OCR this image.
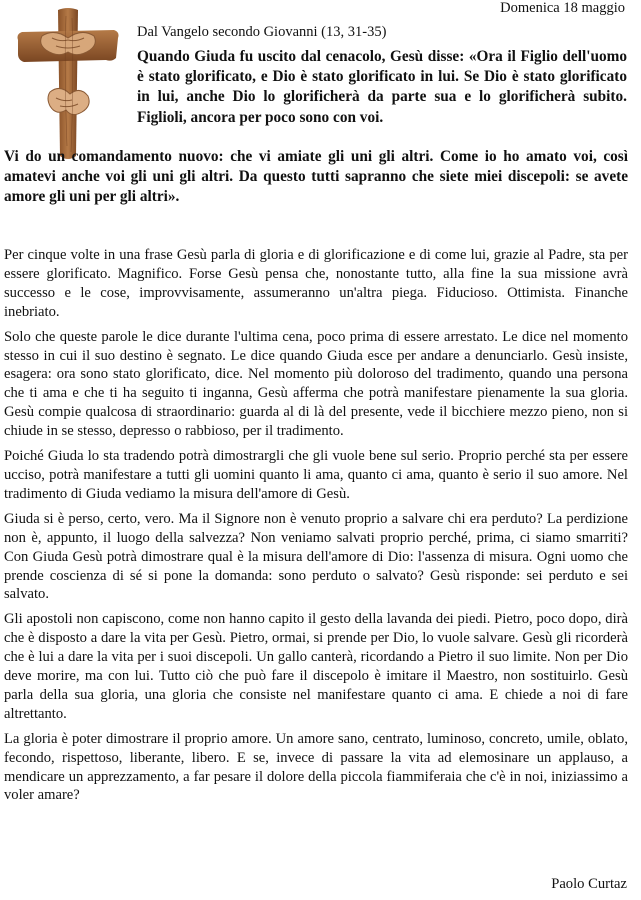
Domenica 18 maggio
Dal Vangelo secondo Giovanni (13, 31-35)

Quando Giuda fu uscito dal cenacolo, Gesù disse: «Ora il Figlio dell'uomo è stato glorificato, e Dio è stato glorificato in lui. Se Dio è stato glorificato in lui, anche Dio lo glorificherà da parte sua e lo glorificherà subito. Figlioli, ancora per poco sono con voi.

Vi do un comandamento nuovo: che vi amiate gli uni gli altri. Come io ho amato voi, così amatevi anche voi gli uni gli altri. Da questo tutti sapranno che siete miei discepoli: se avete amore gli uni per gli altri».

Per cinque volte in una frase Gesù parla di gloria e di glorificazione e di come lui, grazie al Padre, sta per essere glorificato. Magnifico. Forse Gesù pensa che, nonostante tutto, alla fine la sua missione avrà successo e le cose, improvvisamente, assumeranno un'altra piega. Fiducioso. Ottimista. Finanche inebriato.

Solo che queste parole le dice durante l'ultima cena, poco prima di essere arrestato. Le dice nel momento stesso in cui il suo destino è segnato. Le dice quando Giuda esce per andare a denunciarlo. Gesù insiste, esagera: ora sono stato glorificato, dice. Nel momento più doloroso del tradimento, quando una persona che ti ama e che ti ha seguito ti inganna, Gesù afferma che potrà manifestare pienamente la sua gloria. Gesù compie qualcosa di straordinario: guarda al di là del presente, vede il bicchiere mezzo pieno, non si chiude in se stesso, depresso o rabbioso, per il tradimento.

Poiché Giuda lo sta tradendo potrà dimostrargli che gli vuole bene sul serio. Proprio perché sta per essere ucciso, potrà manifestare a tutti gli uomini quanto li ama, quanto ci ama, quanto è serio il suo amore. Nel tradimento di Giuda vediamo la misura dell'amore di Gesù.

Giuda si è perso, certo, vero. Ma il Signore non è venuto proprio a salvare chi era perduto? La perdizione non è, appunto, il luogo della salvezza? Non veniamo salvati proprio perché, prima, ci siamo smarriti? Con Giuda Gesù potrà dimostrare qual è la misura dell'amore di Dio: l'assenza di misura. Ogni uomo che prende coscienza di sé si pone la domanda: sono perduto o salvato? Gesù risponde: sei perduto e sei salvato.

Gli apostoli non capiscono, come non hanno capito il gesto della lavanda dei piedi. Pietro, poco dopo, dirà che è disposto a dare la vita per Gesù. Pietro, ormai, si prende per Dio, lo vuole salvare. Gesù gli ricorderà che è lui a dare la vita per i suoi discepoli. Un gallo canterà, ricordando a Pietro il suo limite. Non per Dio deve morire, ma con lui. Tutto ciò che può fare il discepolo è imitare il Maestro, non sostituirlo. Gesù parla della sua gloria, una gloria che consiste nel manifestare quanto ci ama. E chiede a noi di fare altrettanto.

La gloria è poter dimostrare il proprio amore. Un amore sano, centrato, luminoso, concreto, umile, oblato, fecondo, rispettoso, liberante, libero. E se, invece di passare la vita ad elemosinare un applauso, a mendicare un apprezzamento, a far pesare il dolore della piccola fiammiferaia che c'è in noi, iniziassimo a voler amare?

Paolo Curtaz
